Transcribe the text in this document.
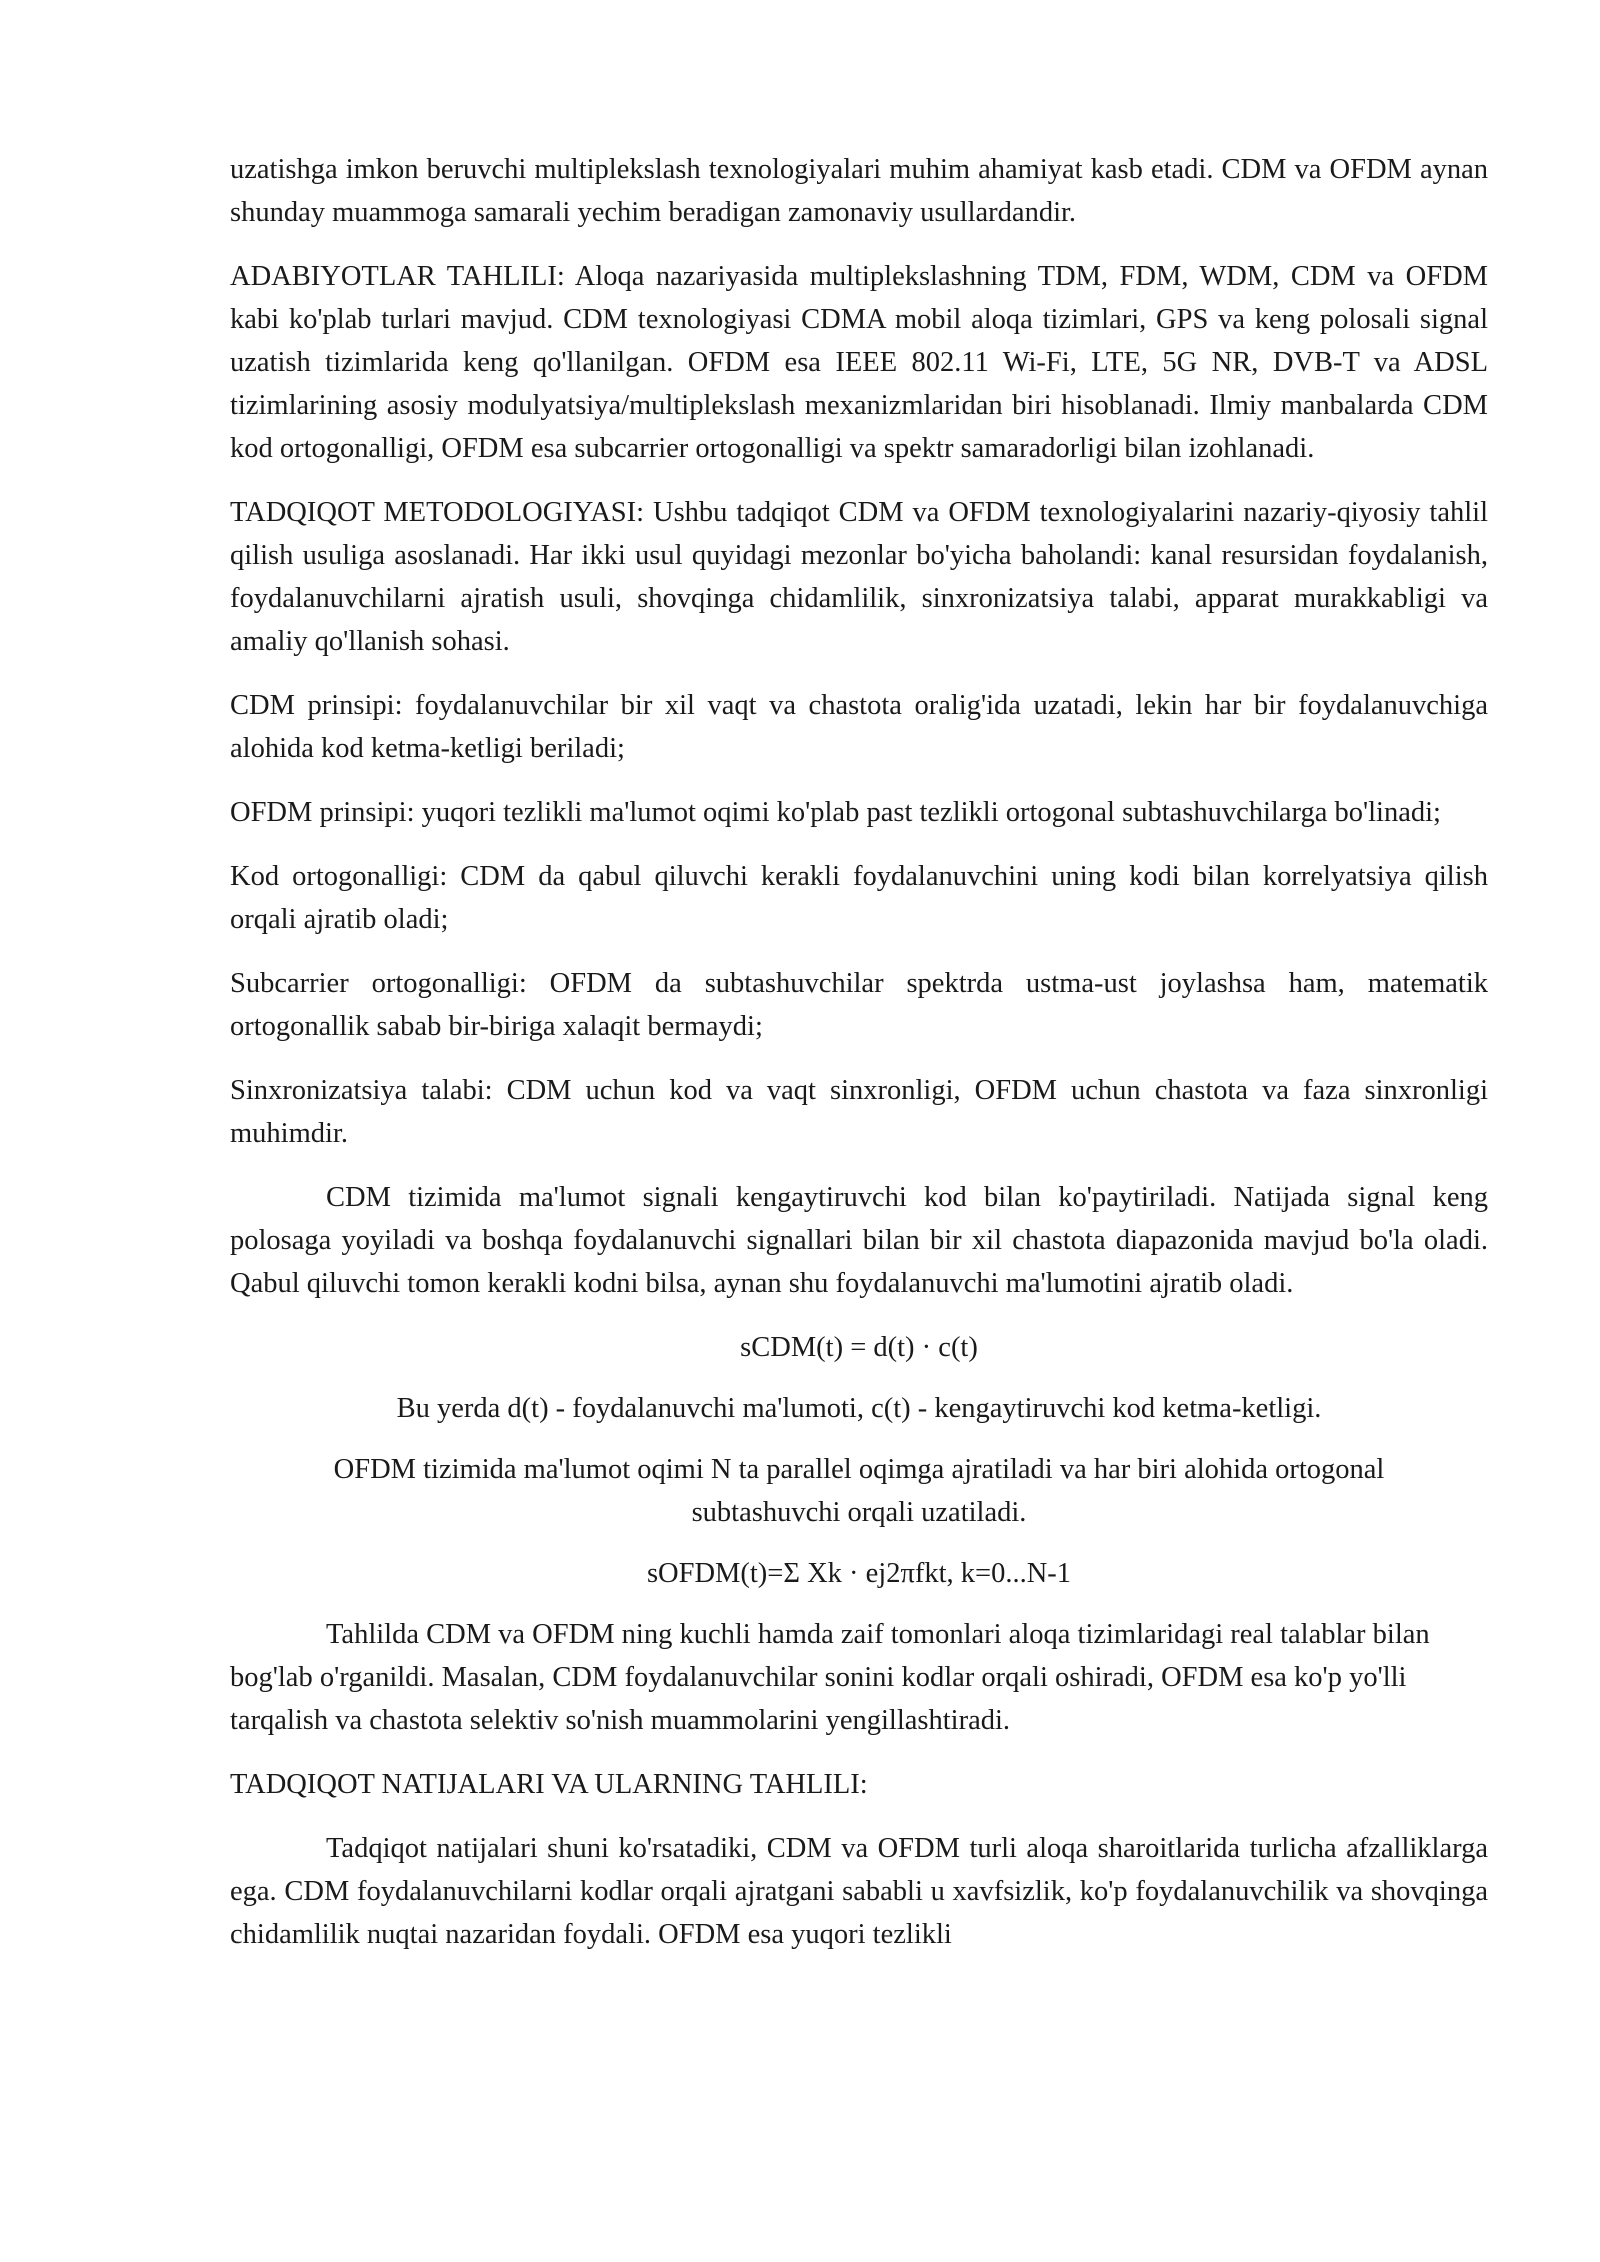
uzatishga imkon beruvchi multiplekslash texnologiyalari muhim ahamiyat kasb etadi. CDM va OFDM aynan shunday muammoga samarali yechim beradigan zamonaviy usullardandir.

ADABIYOTLAR TAHLILI: Aloqa nazariyasida multiplekslashning TDM, FDM, WDM, CDM va OFDM kabi ko'plab turlari mavjud. CDM texnologiyasi CDMA mobil aloqa tizimlari, GPS va keng polosali signal uzatish tizimlarida keng qo'llanilgan. OFDM esa IEEE 802.11 Wi-Fi, LTE, 5G NR, DVB-T va ADSL tizimlarining asosiy modulyatsiya/multiplekslash mexanizmlaridan biri hisoblanadi. Ilmiy manbalarda CDM kod ortogonalligi, OFDM esa subcarrier ortogonalligi va spektr samaradorligi bilan izohlanadi.

TADQIQOT METODOLOGIYASI: Ushbu tadqiqot CDM va OFDM texnologiyalarini nazariy-qiyosiy tahlil qilish usuliga asoslanadi. Har ikki usul quyidagi mezonlar bo'yicha baholandi: kanal resursidan foydalanish, foydalanuvchilarni ajratish usuli, shovqinga chidamlilik, sinxronizatsiya talabi, apparat murakkabligi va amaliy qo'llanish sohasi.

CDM prinsipi: foydalanuvchilar bir xil vaqt va chastota oralig'ida uzatadi, lekin har bir foydalanuvchiga alohida kod ketma-ketligi beriladi;

OFDM prinsipi: yuqori tezlikli ma'lumot oqimi ko'plab past tezlikli ortogonal subtashuvchilarga bo'linadi;

Kod ortogonalligi: CDM da qabul qiluvchi kerakli foydalanuvchini uning kodi bilan korrelyatsiya qilish orqali ajratib oladi;

Subcarrier ortogonalligi: OFDM da subtashuvchilar spektrda ustma-ust joylashsa ham, matematik ortogonallik sabab bir-biriga xalaqit bermaydi;

Sinxronizatsiya talabi: CDM uchun kod va vaqt sinxronligi, OFDM uchun chastota va faza sinxronligi muhimdir.

CDM tizimida ma'lumot signali kengaytiruvchi kod bilan ko'paytiriladi. Natijada signal keng polosaga yoyiladi va boshqa foydalanuvchi signallari bilan bir xil chastota diapazonida mavjud bo'la oladi. Qabul qiluvchi tomon kerakli kodni bilsa, aynan shu foydalanuvchi ma'lumotini ajratib oladi.

sCDM(t) = d(t) · c(t)

Bu yerda d(t) - foydalanuvchi ma'lumoti, c(t) - kengaytiruvchi kod ketma-ketligi.

OFDM tizimida ma'lumot oqimi N ta parallel oqimga ajratiladi va har biri alohida ortogonal subtashuvchi orqali uzatiladi.

sOFDM(t)=Σ Xk · ej2πfkt, k=0...N-1

Tahlilda CDM va OFDM ning kuchli hamda zaif tomonlari aloqa tizimlaridagi real talablar bilan bog'lab o'rganildi. Masalan, CDM foydalanuvchilar sonini kodlar orqali oshiradi, OFDM esa ko'p yo'lli tarqalish va chastota selektiv so'nish muammolarini yengillashtiradi.

TADQIQOT NATIJALARI VA ULARNING TAHLILI:

Tadqiqot natijalari shuni ko'rsatadiki, CDM va OFDM turli aloqa sharoitlarida turlicha afzalliklarga ega. CDM foydalanuvchilarni kodlar orqali ajratgani sababli u xavfsizlik, ko'p foydalanuvchilik va shovqinga chidamlilik nuqtai nazaridan foydali. OFDM esa yuqori tezlikli
